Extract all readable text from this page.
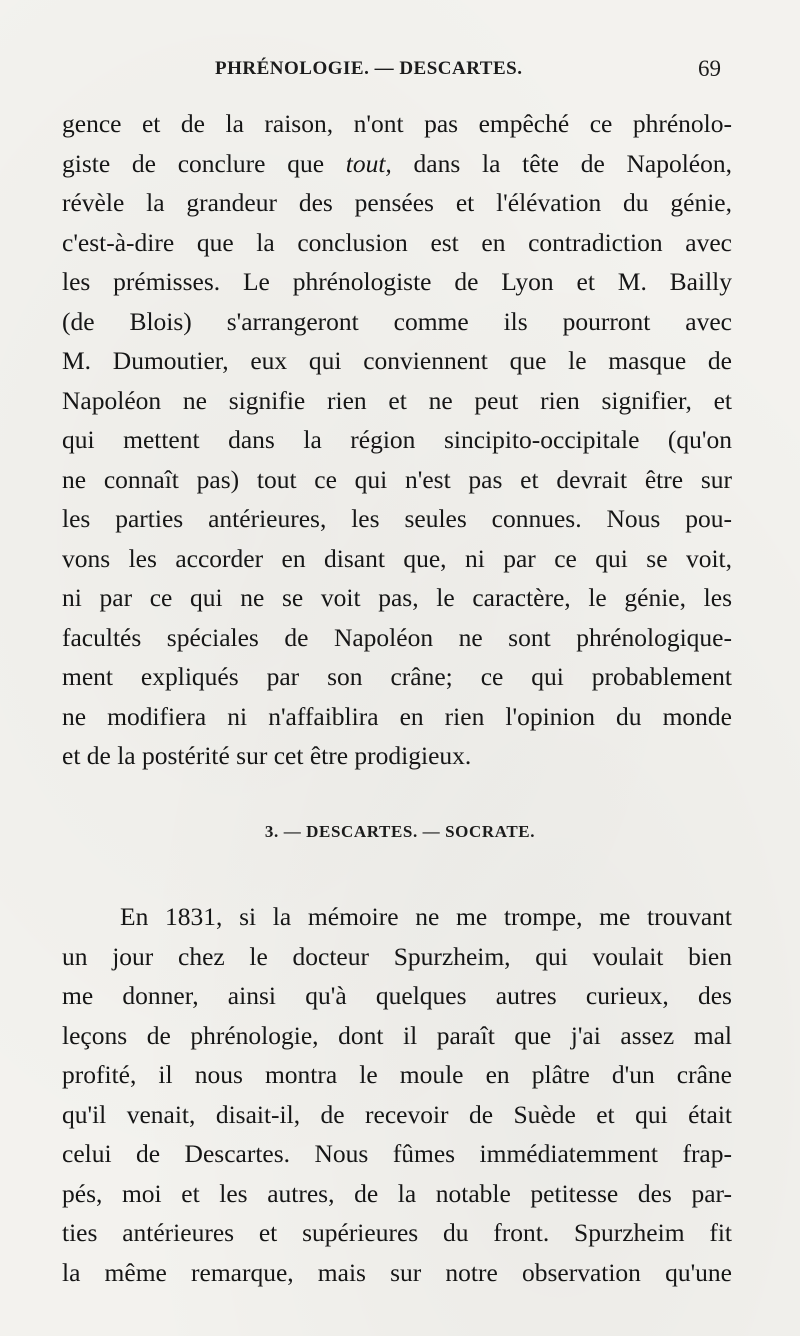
PHRÉNOLOGIE. — DESCARTES.	69
gence et de la raison, n'ont pas empêché ce phrénolo-
giste de conclure que tout, dans la tête de Napoléon,
révèle la grandeur des pensées et l'élévation du génie,
c'est-à-dire que la conclusion est en contradiction avec
les prémisses. Le phrénologiste de Lyon et M. Bailly
(de Blois) s'arrangeront comme ils pourront avec
M. Dumoutier, eux qui conviennent que le masque de
Napoléon ne signifie rien et ne peut rien signifier, et
qui mettent dans la région sincipito-occipitale (qu'on
ne connaît pas) tout ce qui n'est pas et devrait être sur
les parties antérieures, les seules connues. Nous pou-
vons les accorder en disant que, ni par ce qui se voit,
ni par ce qui ne se voit pas, le caractère, le génie, les
facultés spéciales de Napoléon ne sont phrénologique-
ment expliqués par son crâne; ce qui probablement
ne modifiera ni n'affaiblira en rien l'opinion du monde
et de la postérité sur cet être prodigieux.
3. — DESCARTES. — SOCRATE.
En 1831, si la mémoire ne me trompe, me trouvant
un jour chez le docteur Spurzheim, qui voulait bien
me donner, ainsi qu'à quelques autres curieux, des
leçons de phrénologie, dont il paraît que j'ai assez mal
profité, il nous montra le moule en plâtre d'un crâne
qu'il venait, disait-il, de recevoir de Suède et qui était
celui de Descartes. Nous fûmes immédiatemment frap-
pés, moi et les autres, de la notable petitesse des par-
ties antérieures et supérieures du front. Spurzheim fit
la même remarque, mais sur notre observation qu'une
